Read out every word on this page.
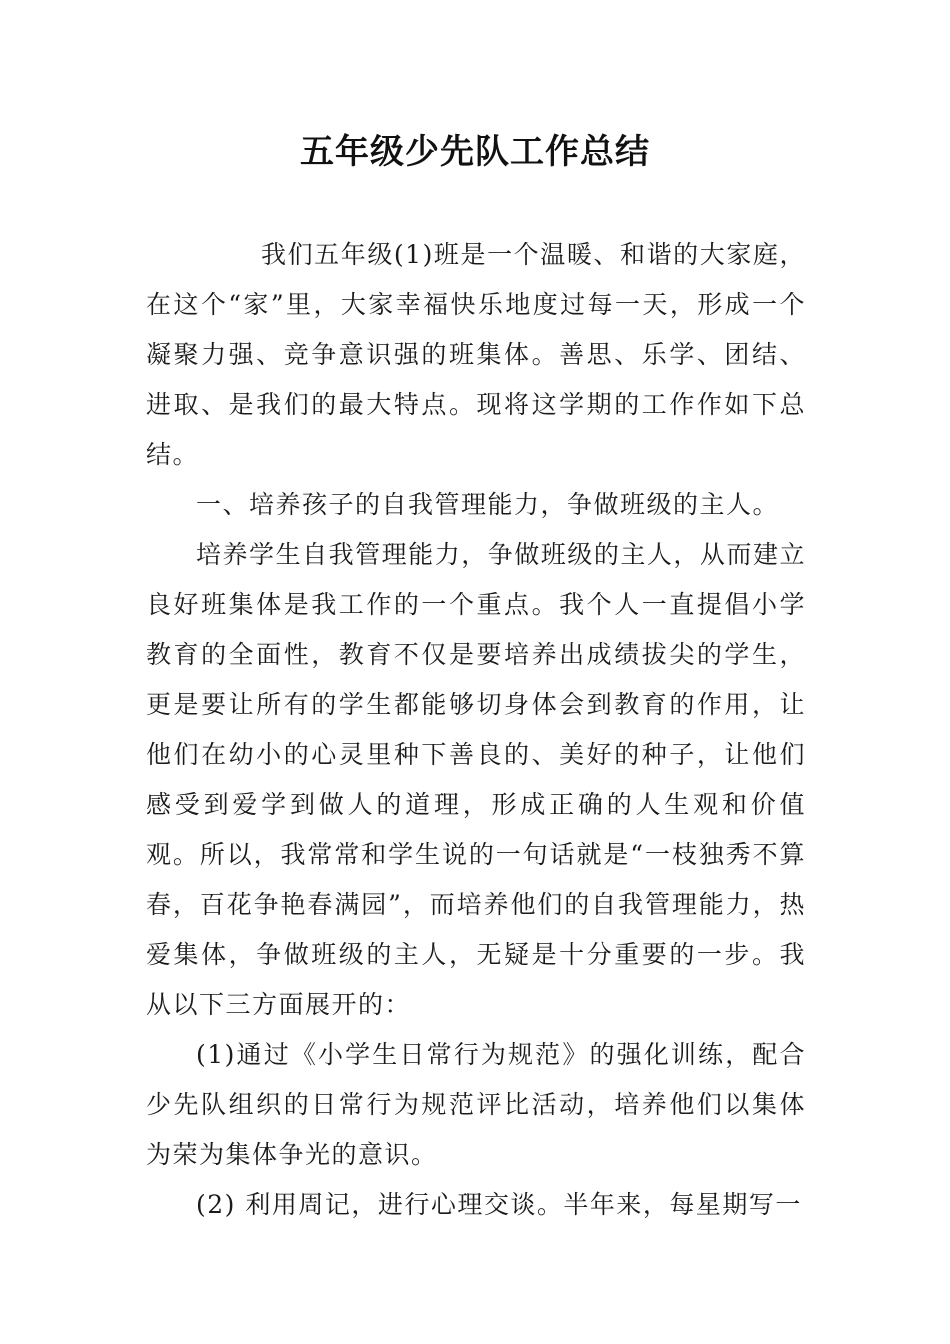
五年级少先队工作总结

我们五年级(1)班是一个温暖、和谐的大家庭，在这个“家”里，大家幸福快乐地度过每一天，形成一个凝聚力强、竞争意识强的班集体。善思、乐学、团结、进取、是我们的最大特点。现将这学期的工作作如下总结。

一、培养孩子的自我管理能力，争做班级的主人。

培养学生自我管理能力，争做班级的主人，从而建立良好班集体是我工作的一个重点。我个人一直提倡小学教育的全面性，教育不仅是要培养出成绩拔尖的学生，更是要让所有的学生都能够切身体会到教育的作用，让他们在幼小的心灵里种下善良的、美好的种子，让他们感受到爱学到做人的道理，形成正确的人生观和价值观。所以，我常常和学生说的一句话就是“一枝独秀不算春，百花争艳春满园”，而培养他们的自我管理能力，热爱集体，争做班级的主人，无疑是十分重要的一步。我从以下三方面展开的：

(1)通过《小学生日常行为规范》的强化训练，配合少先队组织的日常行为规范评比活动，培养他们以集体为荣为集体争光的意识。

(2) 利用周记，进行心理交谈。半年来，每星期写一
